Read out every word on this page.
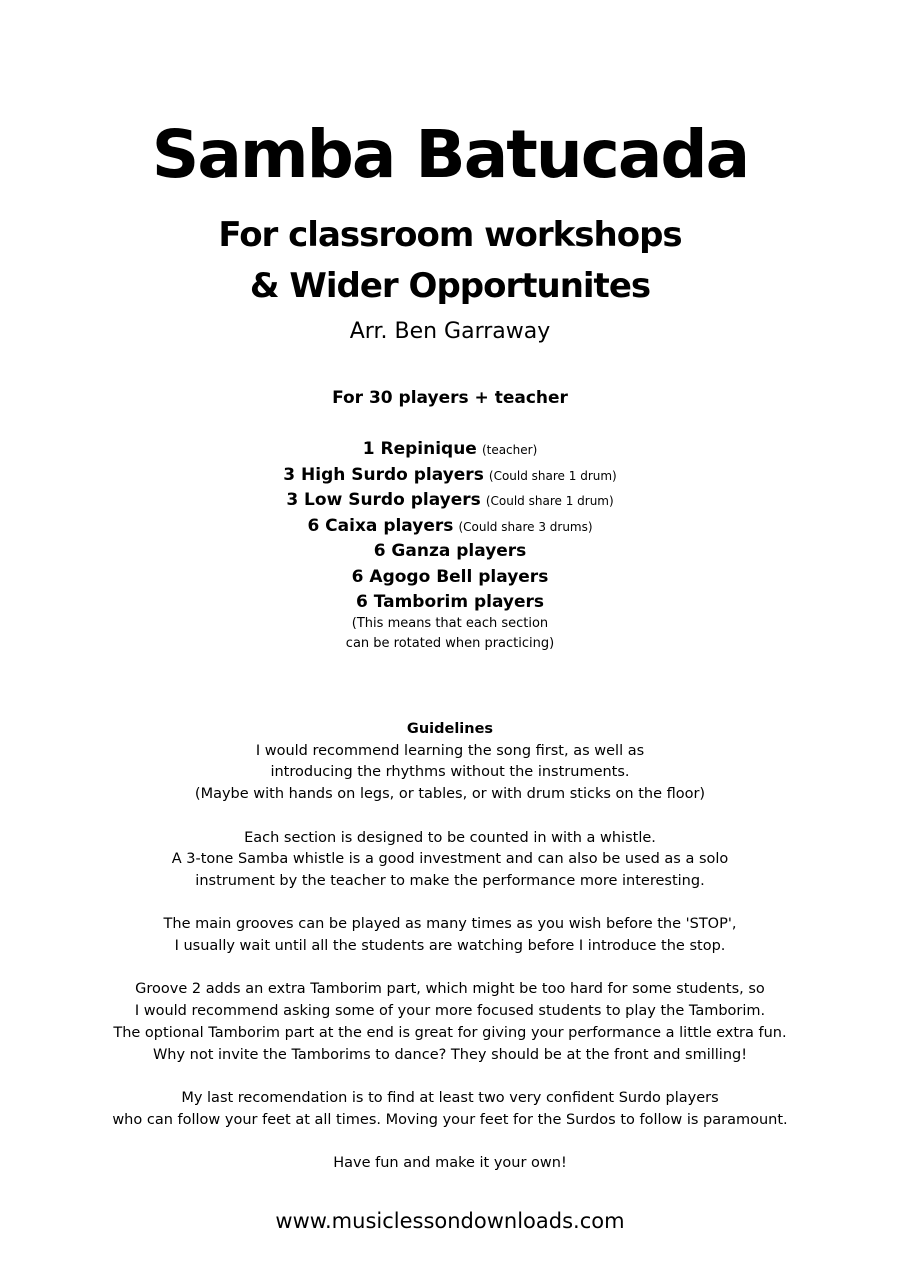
Samba Batucada
For classroom workshops
& Wider Opportunites
Arr. Ben Garraway
For 30 players + teacher
1 Repinique (teacher)
3 High Surdo players (Could share 1 drum)
3 Low Surdo players (Could share 1 drum)
6 Caixa players (Could share 3 drums)
6 Ganza players
6 Agogo Bell players
6 Tamborim players
(This means that each section
can be rotated when practicing)
Guidelines
I would recommend learning the song first, as well as
introducing the rhythms without the instruments.
(Maybe with hands on legs, or tables, or with drum sticks on the floor)
Each section is designed to be counted in with a whistle.
A 3-tone Samba whistle is a good investment and can also be used as a solo
instrument by the teacher to make the performance more interesting.
The main grooves can be played as many times as you wish before the 'STOP',
I usually wait until all the students are watching before I introduce the stop.
Groove 2 adds an extra Tamborim part, which might be too hard for some students, so
I would recommend asking some of your more focused students to play the Tamborim.
The optional Tamborim part at the end is great for giving your performance a little extra fun.
Why not invite the Tamborims to dance? They should be at the front and smilling!
My last recomendation is to find at least two very confident Surdo players
who can follow your feet at all times. Moving your feet for the Surdos to follow is paramount.
Have fun and make it your own!
www.musiclessondownloads.com
